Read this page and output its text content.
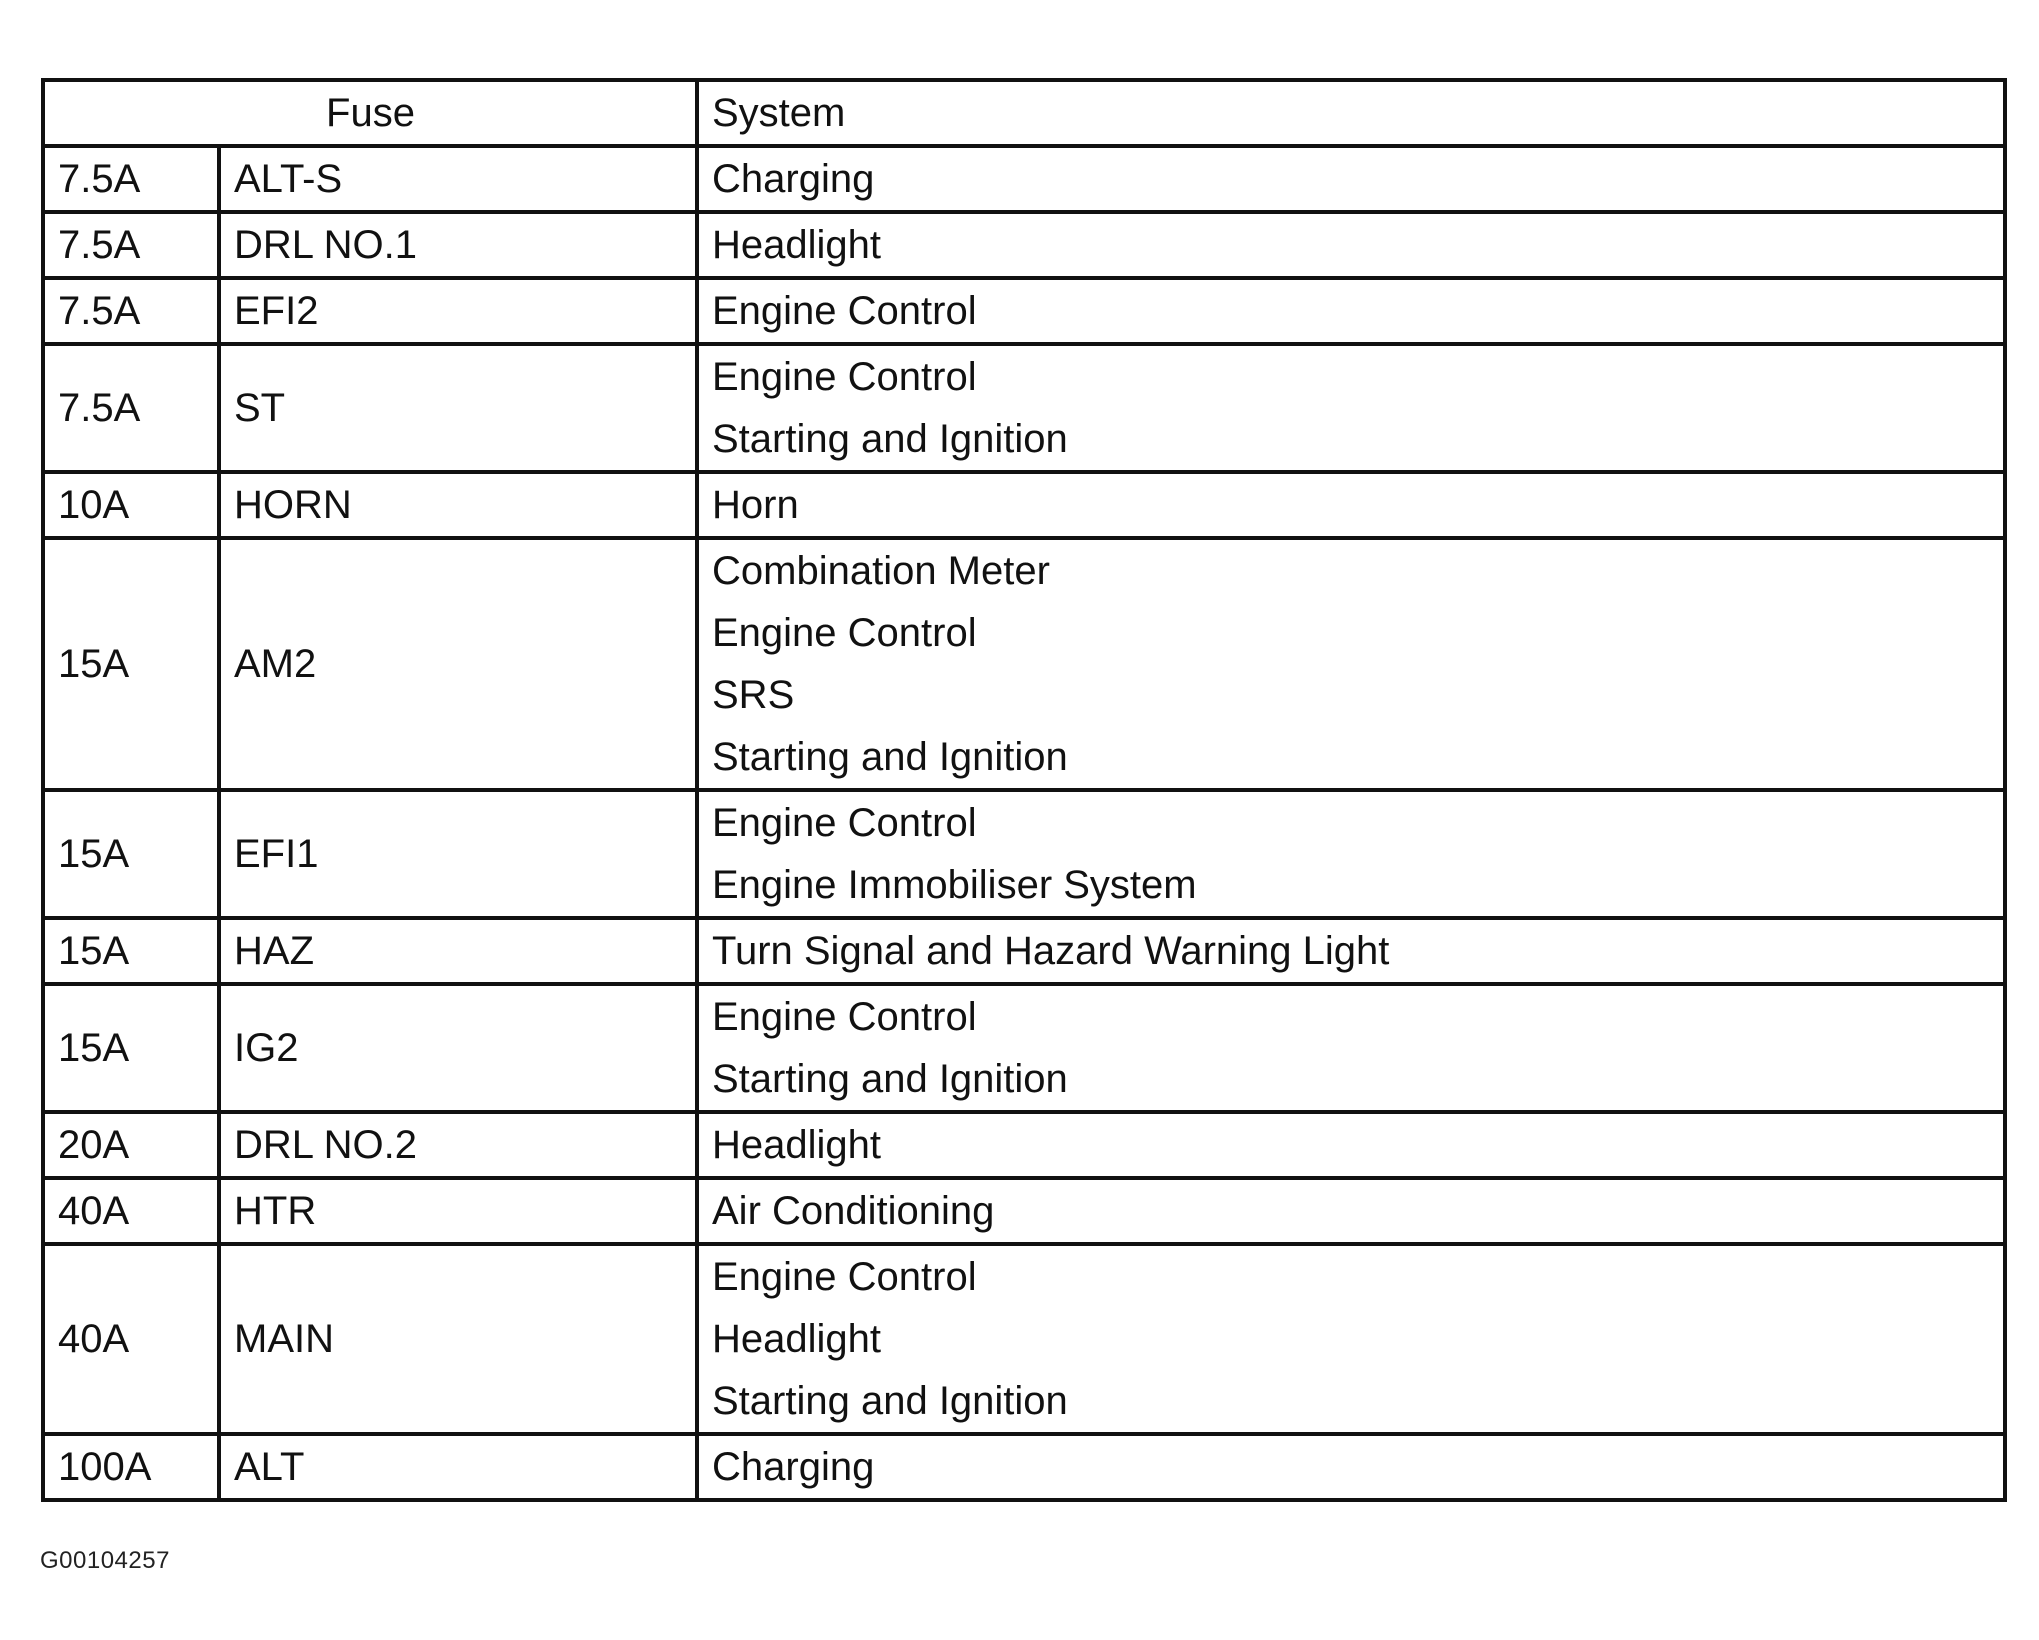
Fuse		System
7.5A	ALT-S	Charging

7.5A	DRL NO.1	Headlight

7.5A	EFI2	Engine Control

7.5A	ST	Engine Control
Starting and Ignition

10A	HORN	Horn

15A	AM2	Combination Meter
Engine Control
SRS
Starting and Ignition

15A	EFI1	Engine Control
Engine Immobiliser System

15A	HAZ	Turn Signal and Hazard Warning Light

15A	IG2	Engine Control
Starting and Ignition

20A	DRL NO.2	Headlight

40A	HTR	Air Conditioning

40A	MAIN	Engine Control
Headlight
Starting and Ignition

100A	ALT	Charging
G00104257
